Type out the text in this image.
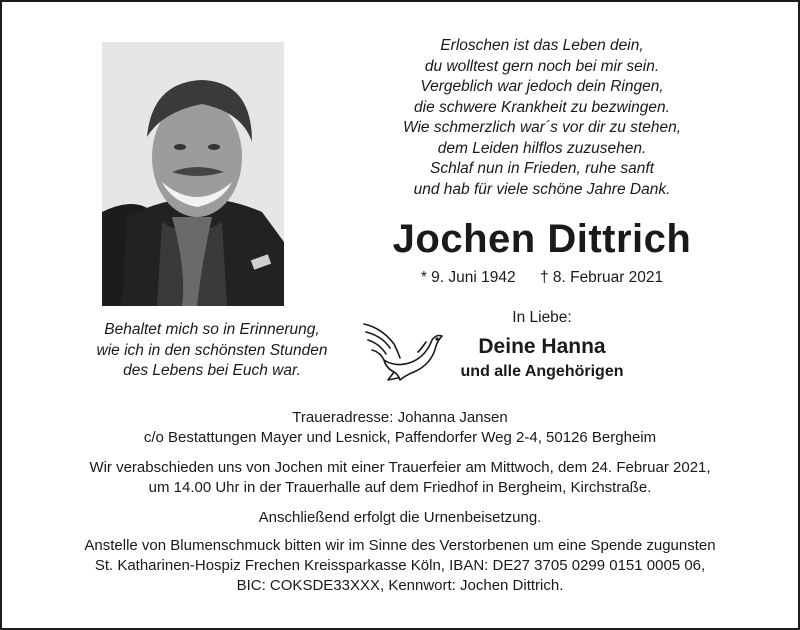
Erloschen ist das Leben dein,
du wolltest gern noch bei mir sein.
Vergeblich war jedoch dein Ringen,
die schwere Krankheit zu bezwingen.
Wie schmerzlich war´s vor dir zu stehen,
dem Leiden hilflos zuzusehen.
Schlaf nun in Frieden, ruhe sanft
und hab für viele schöne Jahre Dank.
Jochen Dittrich
* 9. Juni 1942 † 8. Februar 2021
Behaltet mich so in Erinnerung,
wie ich in den schönsten Stunden
des Lebens bei Euch war.
In Liebe:
Deine Hanna
und alle Angehörigen
Traueradresse: Johanna Jansen
c/o Bestattungen Mayer und Lesnick, Paffendorfer Weg 2-4, 50126 Bergheim
Wir verabschieden uns von Jochen mit einer Trauerfeier am Mittwoch, dem 24. Februar 2021,
um 14.00 Uhr in der Trauerhalle auf dem Friedhof in Bergheim, Kirchstraße.
Anschließend erfolgt die Urnenbeisetzung.
Anstelle von Blumenschmuck bitten wir im Sinne des Verstorbenen um eine Spende zugunsten
St. Katharinen-Hospiz Frechen Kreissparkasse Köln, IBAN: DE27 3705 0299 0151 0005 06,
BIC: COKSDE33XXX, Kennwort: Jochen Dittrich.
